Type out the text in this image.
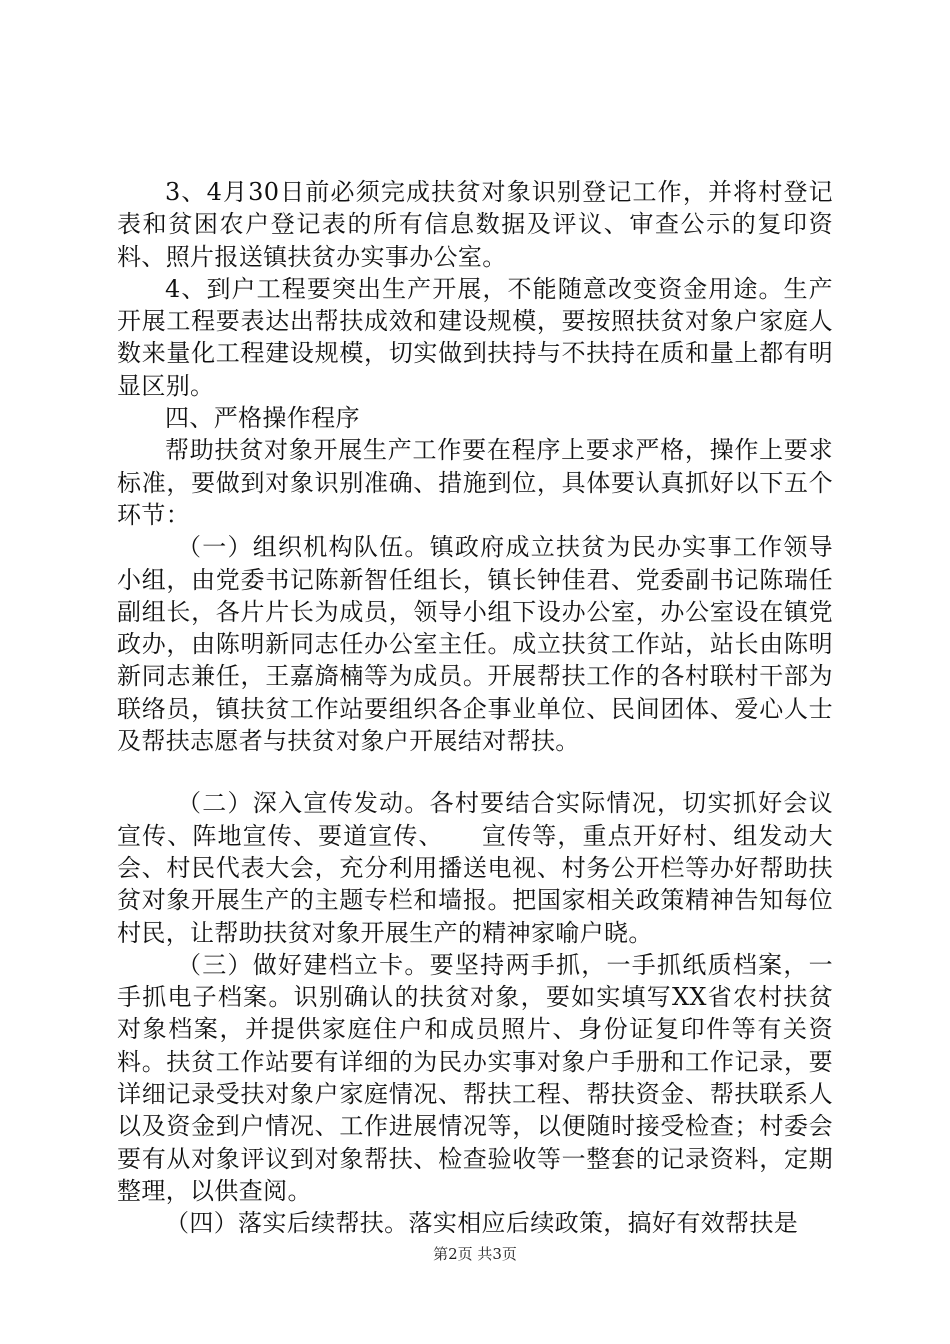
3、4月30日前必须完成扶贫对象识别登记工作，并将村登记表和贫困农户登记表的所有信息数据及评议、审查公示的复印资料、照片报送镇扶贫办实事办公室。

4、到户工程要突出生产开展，不能随意改变资金用途。生产开展工程要表达出帮扶成效和建设规模，要按照扶贫对象户家庭人数来量化工程建设规模，切实做到扶持与不扶持在质和量上都有明显区别。

四、严格操作程序

帮助扶贫对象开展生产工作要在程序上要求严格，操作上要求标准，要做到对象识别准确、措施到位，具体要认真抓好以下五个环节：

（一）组织机构队伍。镇政府成立扶贫为民办实事工作领导小组，由党委书记陈新智任组长，镇长钟佳君、党委副书记陈瑞任副组长，各片片长为成员，领导小组下设办公室，办公室设在镇党政办，由陈明新同志任办公室主任。成立扶贫工作站，站长由陈明新同志兼任，王嘉旖楠等为成员。开展帮扶工作的各村联村干部为联络员，镇扶贫工作站要组织各企事业单位、民间团体、爱心人士及帮扶志愿者与扶贫对象户开展结对帮扶。

（二）深入宣传发动。各村要结合实际情况，切实抓好会议宣传、阵地宣传、要道宣传、　　宣传等，重点开好村、组发动大会、村民代表大会，充分利用播送电视、村务公开栏等办好帮助扶贫对象开展生产的主题专栏和墙报。把国家相关政策精神告知每位村民，让帮助扶贫对象开展生产的精神家喻户晓。

（三）做好建档立卡。要坚持两手抓，一手抓纸质档案，一手抓电子档案。识别确认的扶贫对象，要如实填写XX省农村扶贫对象档案，并提供家庭住户和成员照片、身份证复印件等有关资料。扶贫工作站要有详细的为民办实事对象户手册和工作记录，要详细记录受扶对象户家庭情况、帮扶工程、帮扶资金、帮扶联系人以及资金到户情况、工作进展情况等，以便随时接受检查；村委会要有从对象评议到对象帮扶、检查验收等一整套的记录资料，定期整理，以供查阅。

（四）落实后续帮扶。落实相应后续政策，搞好有效帮扶是

第2页 共3页
